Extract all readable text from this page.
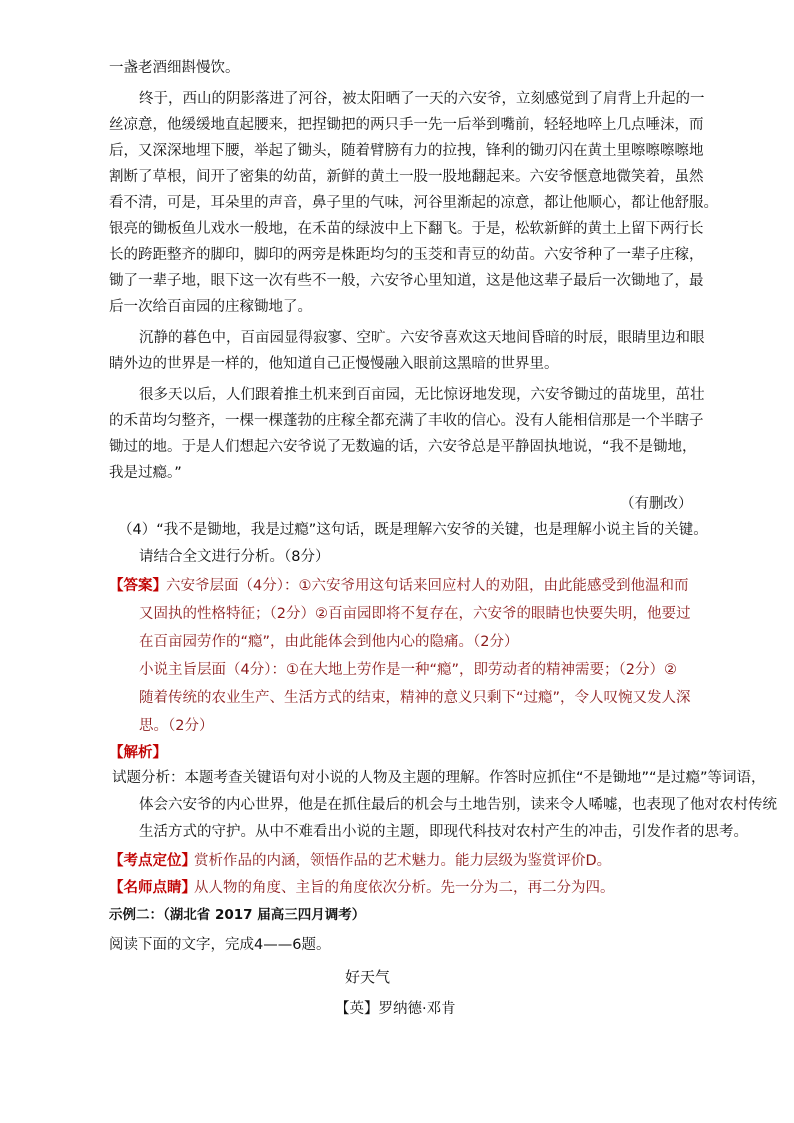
一盏老酒细斟慢饮。
终于，西山的阴影落进了河谷，被太阳晒了一天的六安爷，立刻感觉到了肩背上升起的一
丝凉意，他缓缓地直起腰来，把捏锄把的两只手一先一后举到嘴前，轻轻地啐上几点唾沫，而
后，又深深地埋下腰，举起了锄头，随着臂膀有力的拉拽，锋利的锄刃闪在黄土里嚓嚓嚓嚓地
割断了草根，间开了密集的幼苗，新鲜的黄土一股一股地翻起来。六安爷惬意地微笑着，虽然
看不清，可是，耳朵里的声音，鼻子里的气味，河谷里渐起的凉意，都让他顺心，都让他舒服。
银亮的锄板鱼儿戏水一般地，在禾苗的绿波中上下翻飞。于是，松软新鲜的黄土上留下两行长
长的跨距整齐的脚印，脚印的两旁是株距均匀的玉茭和青豆的幼苗。六安爷种了一辈子庄稼，
锄了一辈子地，眼下这一次有些不一般，六安爷心里知道，这是他这辈子最后一次锄地了，最
后一次给百亩园的庄稼锄地了。
沉静的暮色中，百亩园显得寂寥、空旷。六安爷喜欢这天地间昏暗的时辰，眼睛里边和眼
睛外边的世界是一样的，他知道自己正慢慢融入眼前这黑暗的世界里。
很多天以后，人们跟着推土机来到百亩园，无比惊讶地发现，六安爷锄过的苗垅里，茁壮
的禾苗均匀整齐，一棵一棵蓬勃的庄稼全都充满了丰收的信心。没有人能相信那是一个半瞎子
锄过的地。于是人们想起六安爷说了无数遍的话，六安爷总是平静固执地说，“我不是锄地，
我是过瘾。”
（有删改）
（4）“我不是锄地，我是过瘾”这句话，既是理解六安爷的关键，也是理解小说主旨的关键。
请结合全文进行分析。（8分）
【答案】 六安爷层面（4分）：①六安爷用这句话来回应村人的劝阻，由此能感受到他温和而
又固执的性格特征；（2分）②百亩园即将不复存在，六安爷的眼睛也快要失明，他要过
在百亩园劳作的“瘾”，由此能体会到他内心的隐痛。（2分）
小说主旨层面（4分）：①在大地上劳作是一种“瘾”，即劳动者的精神需要；（2分）②
随着传统的农业生产、生活方式的结束，精神的意义只剩下“过瘾”，令人叹惋又发人深
思。（2分）
【解析】
试题分析：本题考查关键语句对小说的人物及主题的理解。作答时应抓住“不是锄地”“是过瘾”等词语，
体会六安爷的内心世界，他是在抓住最后的机会与土地告别，读来令人唏嘘，也表现了他对农村传统
生活方式的守护。从中不难看出小说的主题，即现代科技对农村产生的冲击，引发作者的思考。
【考点定位】
赏析作品的内涵，领悟作品的艺术魅力。能力层级为鉴赏评价D。
【名师点睛】
从人物的角度、主旨的角度依次分析。先一分为二，再二分为四。
示例二：（湖北省 2017 届高三四月调考）
阅读下面的文字，完成4——6题。
好天气
【英】罗纳德·邓肯
